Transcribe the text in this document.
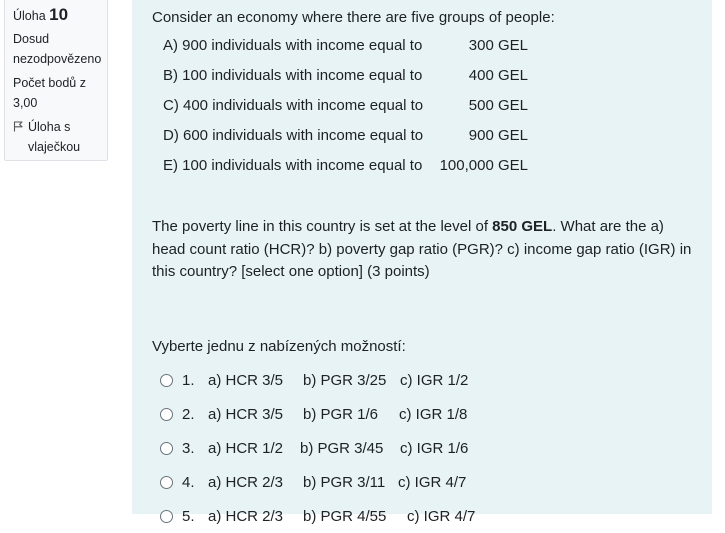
Úloha 10
Dosud nezodpovězeno
Počet bodů z 3,00
Úloha s vlaječkou

Consider an economy where there are five groups of people:

A) 900 individuals with income equal to	300 GEL
B) 100 individuals with income equal to	400 GEL
C) 400 individuals with income equal to	500 GEL
D) 600 individuals with income equal to	900 GEL
E) 100 individuals with income equal to	100,000 GEL

The poverty line in this country is set at the level of 850 GEL. What are the a) head count ratio (HCR)? b) poverty gap ratio (PGR)? c) income gap ratio (IGR) in this country? [select one option] (3 points)

Vyberte jednu z nabízených možností:
1. a) HCR 3/5	b) PGR 3/25 c) IGR 1/2
2. a) HCR 3/5	b) PGR 1/6	c) IGR 1/8
3. a) HCR 1/2	b) PGR 3/45	c) IGR 1/6
4. a) HCR 2/3	b) PGR 3/11 c) IGR 4/7
5. a) HCR 2/3	b) PGR 4/55	c) IGR 4/7
